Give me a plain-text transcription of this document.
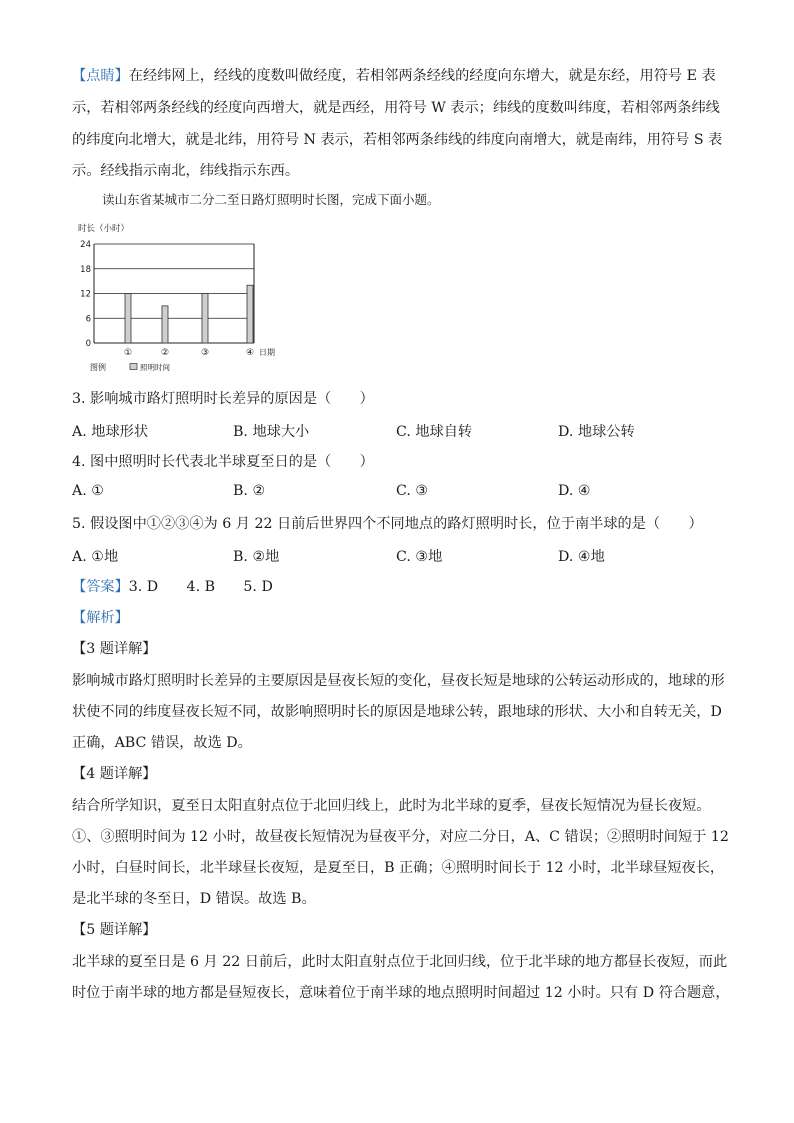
【点睛】在经纬网上，经线的度数叫做经度，若相邻两条经线的经度向东增大，就是东经，用符号 E 表
示，若相邻两条经线的经度向西增大，就是西经，用符号 W 表示；纬线的度数叫纬度，若相邻两条纬线
的纬度向北增大，就是北纬，用符号 N 表示，若相邻两条纬线的纬度向南增大，就是南纬，用符号 S 表
示。经线指示南北，纬线指示东西。
读山东省某城市二分二至日路灯照明时长图，完成下面小题。
时长（小时）
0
6
12
18
24
①	②	③	④ 日期
图例	照明时间
3. 影响城市路灯照明时长差异的原因是（　　）
A. 地球形状	B. 地球大小	C. 地球自转	D. 地球公转
4. 图中照明时长代表北半球夏至日的是（　　）
A. ①	B. ②	C. ③	D. ④
5. 假设图中①②③④为 6 月 22 日前后世界四个不同地点的路灯照明时长，位于南半球的是（　　）
A. ①地	B. ②地	C. ③地	D. ④地
【答案】3. D　　4. B　　5. D
【解析】
【3 题详解】
影响城市路灯照明时长差异的主要原因是昼夜长短的变化，昼夜长短是地球的公转运动形成的，地球的形
状使不同的纬度昼夜长短不同，故影响照明时长的原因是地球公转，跟地球的形状、大小和自转无关，D
正确，ABC 错误，故选 D。
【4 题详解】
结合所学知识，夏至日太阳直射点位于北回归线上，此时为北半球的夏季，昼夜长短情况为昼长夜短。
①、③照明时间为 12 小时，故昼夜长短情况为昼夜平分，对应二分日，A、C 错误；②照明时间短于 12
小时，白昼时间长，北半球昼长夜短，是夏至日，B 正确；④照明时间长于 12 小时，北半球昼短夜长，
是北半球的冬至日，D 错误。故选 B。
【5 题详解】
北半球的夏至日是 6 月 22 日前后，此时太阳直射点位于北回归线，位于北半球的地方都昼长夜短，而此
时位于南半球的地方都是昼短夜长，意味着位于南半球的地点照明时间超过 12 小时。只有 D 符合题意，
